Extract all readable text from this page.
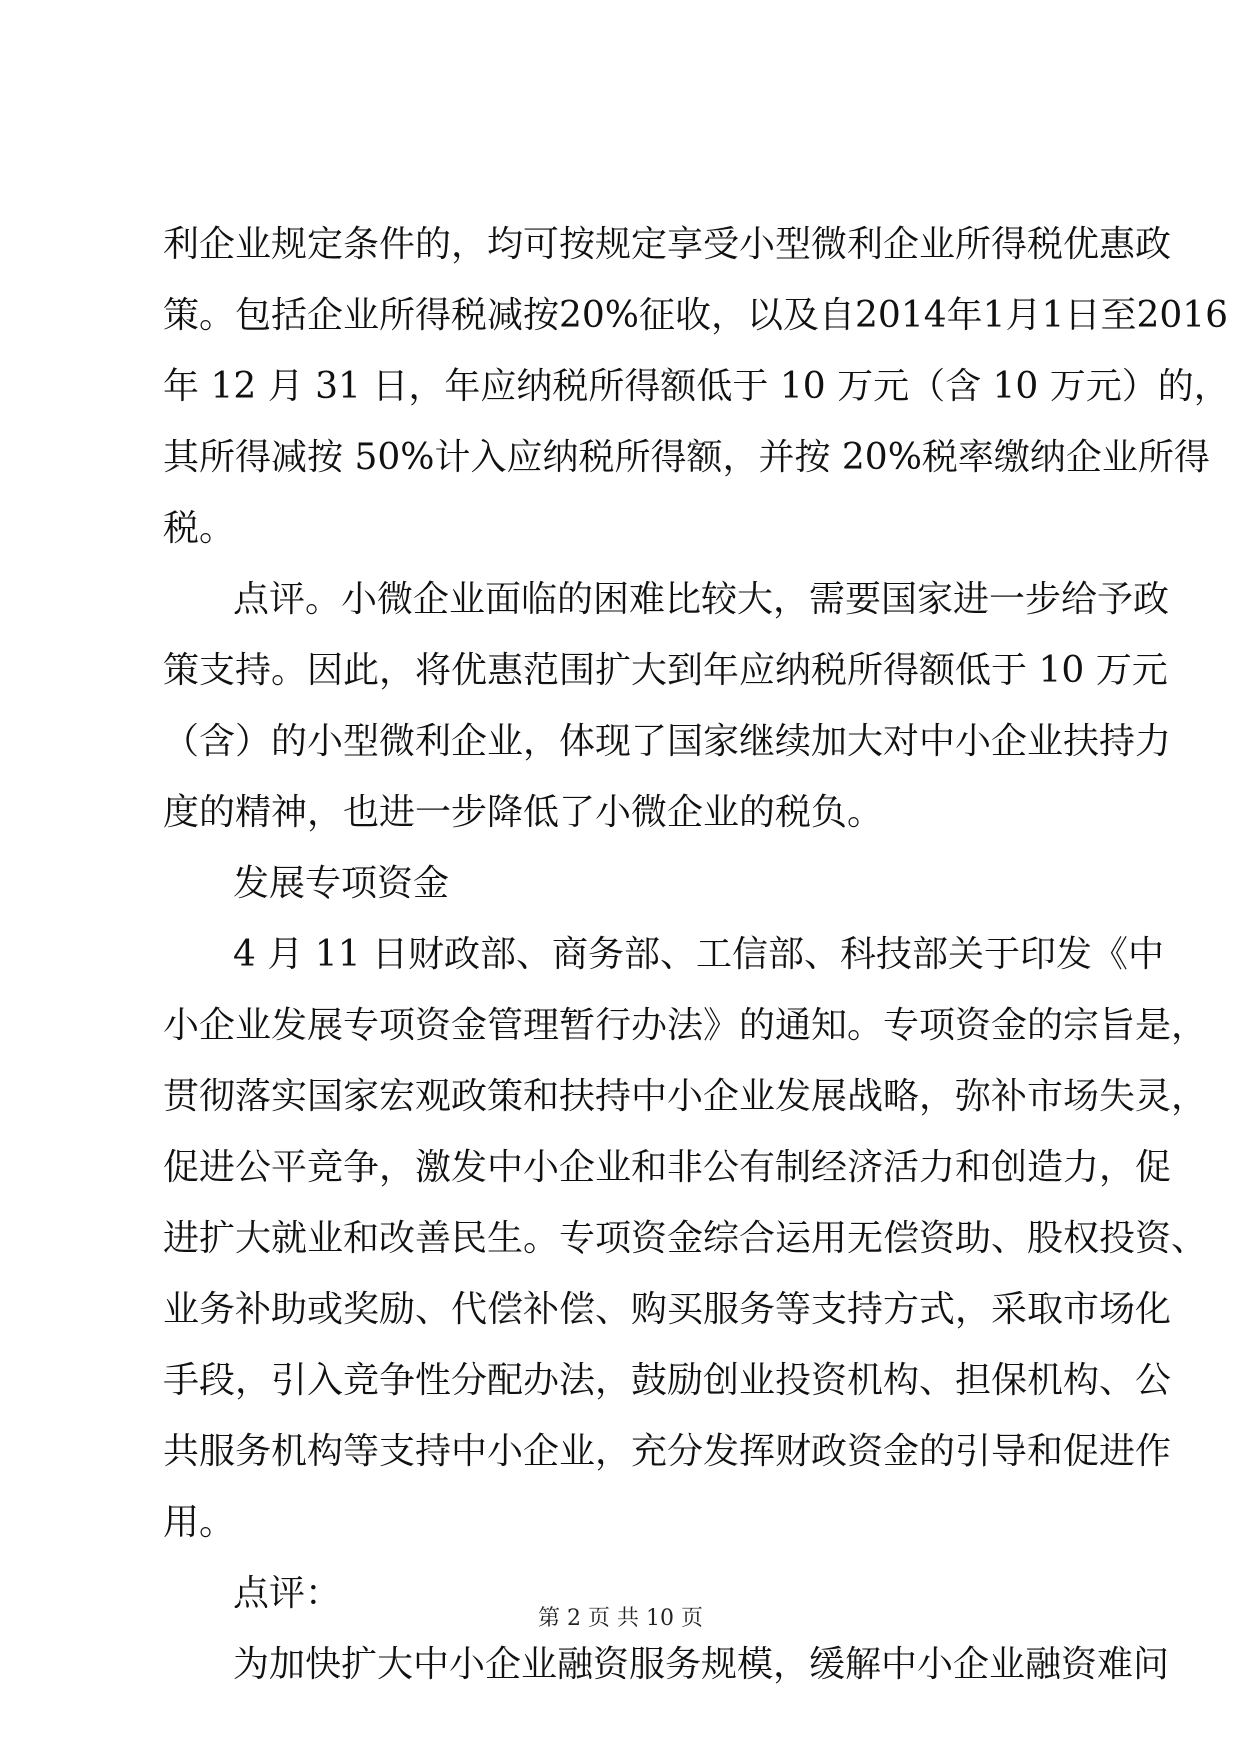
利企业规定条件的，均可按规定享受小型微利企业所得税优惠政
策。包括企业所得税减按20%征收，以及自2014年1月1日至2016
年 12 月 31 日，年应纳税所得额低于 10 万元（含 10 万元）的，
其所得减按 50%计入应纳税所得额，并按 20%税率缴纳企业所得
税。
点评。小微企业面临的困难比较大，需要国家进一步给予政
策支持。因此，将优惠范围扩大到年应纳税所得额低于 10 万元
（含）的小型微利企业，体现了国家继续加大对中小企业扶持力
度的精神，也进一步降低了小微企业的税负。
发展专项资金
4 月 11 日财政部、商务部、工信部、科技部关于印发《中
小企业发展专项资金管理暂行办法》的通知。专项资金的宗旨是，
贯彻落实国家宏观政策和扶持中小企业发展战略，弥补市场失灵，
促进公平竞争，激发中小企业和非公有制经济活力和创造力，促
进扩大就业和改善民生。专项资金综合运用无偿资助、股权投资、
业务补助或奖励、代偿补偿、购买服务等支持方式，采取市场化
手段，引入竞争性分配办法，鼓励创业投资机构、担保机构、公
共服务机构等支持中小企业，充分发挥财政资金的引导和促进作
用。
点评：
为加快扩大中小企业融资服务规模，缓解中小企业融资难问
第 2 页 共 10 页
